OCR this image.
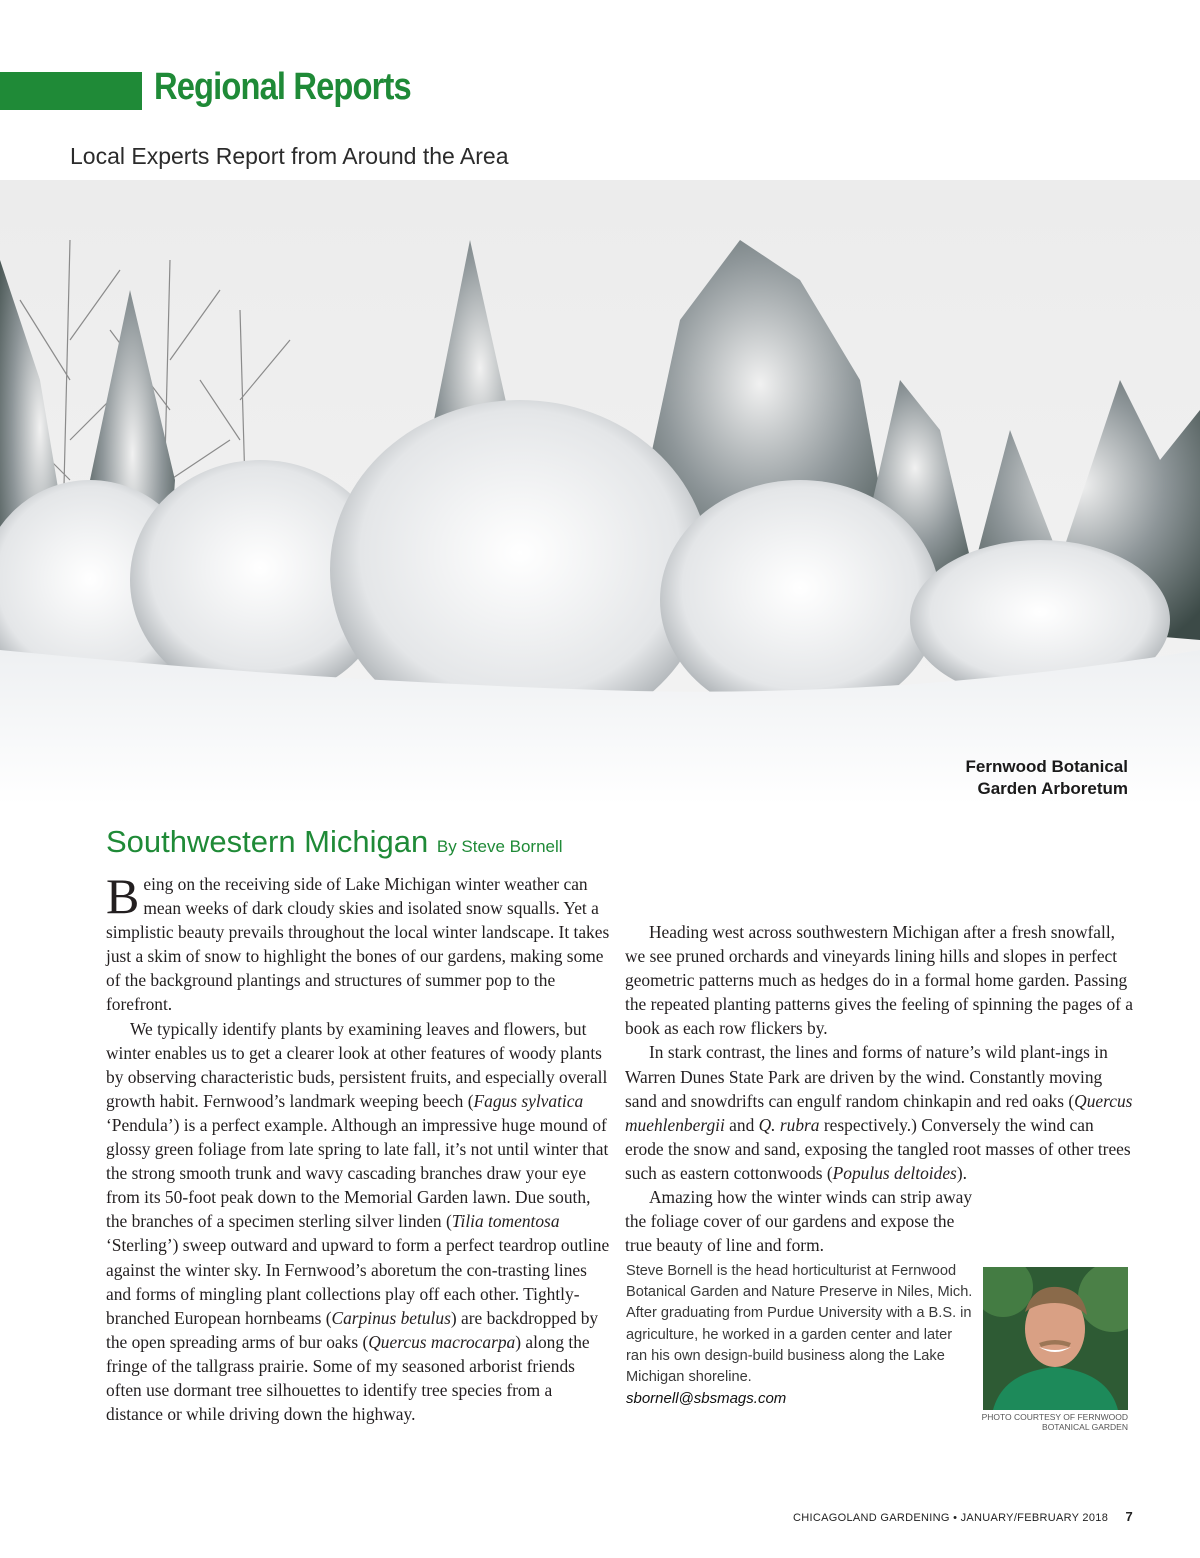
Regional Reports

Local Experts Report from Around the Area

Fernwood Botanical
Garden Arboretum
Southwestern Michigan By Steve Bornell

Being on the receiving side of Lake Michigan winter weather can mean weeks of dark cloudy skies and isolated snow squalls. Yet a simplistic beauty prevails throughout the local winter landscape. It takes just a skim of snow to highlight the bones of our gardens, making some of the background plantings and structures of summer pop to the forefront.

We typically identify plants by examining leaves and flowers, but winter enables us to get a clearer look at other features of woody plants by observing characteristic buds, persistent fruits, and especially overall growth habit. Fernwood’s landmark weeping beech (Fagus sylvatica ‘Pendula’) is a perfect example. Although an impressive huge mound of glossy green foliage from late spring to late fall, it’s not until winter that the strong smooth trunk and wavy cascading branches draw your eye from its 50-foot peak down to the Memorial Garden lawn. Due south, the branches of a specimen sterling silver linden (Tilia tomentosa ‘Sterling’) sweep outward and upward to form a perfect teardrop outline against the winter sky. In Fernwood’s aboretum the con-trasting lines and forms of mingling plant collections play off each other. Tightly-branched European hornbeams (Carpinus betulus) are backdropped by the open spreading arms of bur oaks (Quercus macrocarpa) along the fringe of the tallgrass prairie. Some of my seasoned arborist friends often use dormant tree silhouettes to identify tree species from a distance or while driving down the highway.

Heading west across southwestern Michigan after a fresh snowfall, we see pruned orchards and vineyards lining hills and slopes in perfect geometric patterns much as hedges do in a formal home garden. Passing the repeated planting patterns gives the feeling of spinning the pages of a book as each row flickers by.

In stark contrast, the lines and forms of nature’s wild plant-ings in Warren Dunes State Park are driven by the wind. Constantly moving sand and snowdrifts can engulf random chinkapin and red oaks (Quercus muehlenbergii and Q. rubra respectively.) Conversely the wind can erode the snow and sand, exposing the tangled root masses of other trees such as eastern cottonwoods (Populus deltoides).

Amazing how the winter winds can strip away the foliage cover of our gardens and expose the true beauty of line and form.

Steve Bornell is the head horticulturist at Fernwood Botanical Garden and Nature Preserve in Niles, Mich. After graduating from Purdue University with a B.S. in agriculture, he worked in a garden center and later ran his own design-build business along the Lake Michigan shoreline.

sbornell@sbsmags.com

PHOTO COURTESY OF FERNWOOD
BOTANICAL GARDEN
CHICAGOLAND GARDENING • JANUARY/FEBRUARY 2018 7
